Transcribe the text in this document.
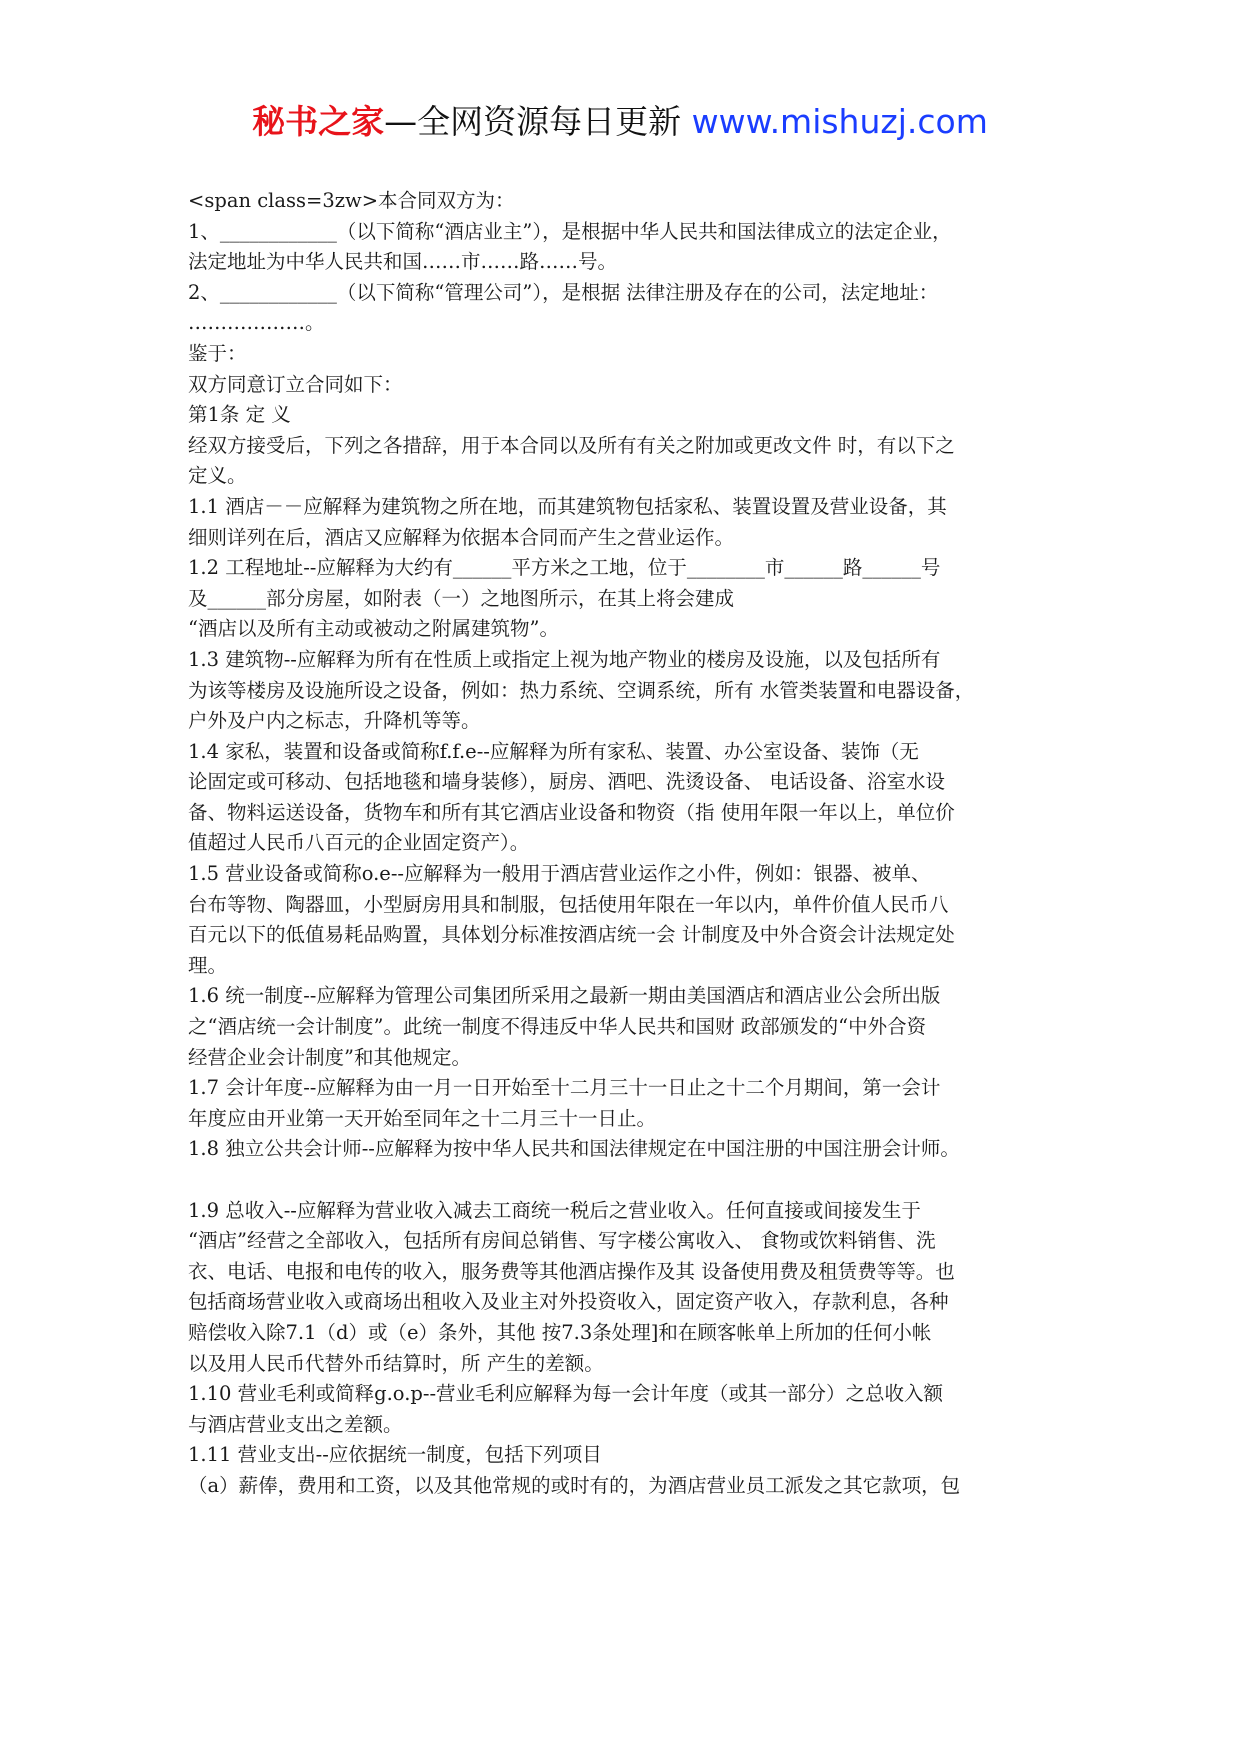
秘书之家—全网资源每日更新 www.mishuzj.com
<span class=3zw>本合同双方为：
1、____________（以下简称“酒店业主”），是根据中华人民共和国法律成立的法定企业，
法定地址为中华人民共和国……市……路……号。
2、____________（以下简称“管理公司”），是根据 法律注册及存在的公司，法定地址：
………………。
鉴于：
双方同意订立合同如下：
第1条 定 义
经双方接受后，下列之各措辞，用于本合同以及所有有关之附加或更改文件 时，有以下之
定义。
1.1 酒店－－应解释为建筑物之所在地，而其建筑物包括家私、装置设置及营业设备，其
细则详列在后，酒店又应解释为依据本合同而产生之营业运作。
1.2 工程地址--应解释为大约有______平方米之工地，位于________市______路______号
及______部分房屋，如附表（一）之地图所示，在其上将会建成
“酒店以及所有主动或被动之附属建筑物”。
1.3 建筑物--应解释为所有在性质上或指定上视为地产物业的楼房及设施，以及包括所有
为该等楼房及设施所设之设备，例如：热力系统、空调系统，所有 水管类装置和电器设备，
户外及户内之标志，升降机等等。
1.4 家私，装置和设备或简称f.f.e--应解释为所有家私、装置、办公室设备、装饰（无
论固定或可移动、包括地毯和墙身装修），厨房、酒吧、洗烫设备、 电话设备、浴室水设
备、物料运送设备，货物车和所有其它酒店业设备和物资（指 使用年限一年以上，单位价
值超过人民币八百元的企业固定资产）。
1.5 营业设备或简称o.e--应解释为一般用于酒店营业运作之小件，例如：银器、被单、
台布等物、陶器皿，小型厨房用具和制服，包括使用年限在一年以内，单件价值人民币八
百元以下的低值易耗品购置，具体划分标准按酒店统一会 计制度及中外合资会计法规定处
理。
1.6 统一制度--应解释为管理公司集团所采用之最新一期由美国酒店和酒店业公会所出版
之“酒店统一会计制度”。此统一制度不得违反中华人民共和国财 政部颁发的“中外合资
经营企业会计制度”和其他规定。
1.7 会计年度--应解释为由一月一日开始至十二月三十一日止之十二个月期间，第一会计
年度应由开业第一天开始至同年之十二月三十一日止。
1.8 独立公共会计师--应解释为按中华人民共和国法律规定在中国注册的中国注册会计师。
1.9 总收入--应解释为营业收入减去工商统一税后之营业收入。任何直接或间接发生于
“酒店”经营之全部收入，包括所有房间总销售、写字楼公寓收入、 食物或饮料销售、洗
衣、电话、电报和电传的收入，服务费等其他酒店操作及其 设备使用费及租赁费等等。也
包括商场营业收入或商场出租收入及业主对外投资收入，固定资产收入，存款利息，各种
赔偿收入除7.1（d）或（e）条外，其他 按7.3条处理]和在顾客帐单上所加的任何小帐
以及用人民币代替外币结算时，所 产生的差额。
1.10 营业毛利或简释g.o.p--营业毛利应解释为每一会计年度（或其一部分）之总收入额
与酒店营业支出之差额。
1.11 营业支出--应依据统一制度，包括下列项目
（a）薪俸，费用和工资，以及其他常规的或时有的，为酒店营业员工派发之其它款项，包
